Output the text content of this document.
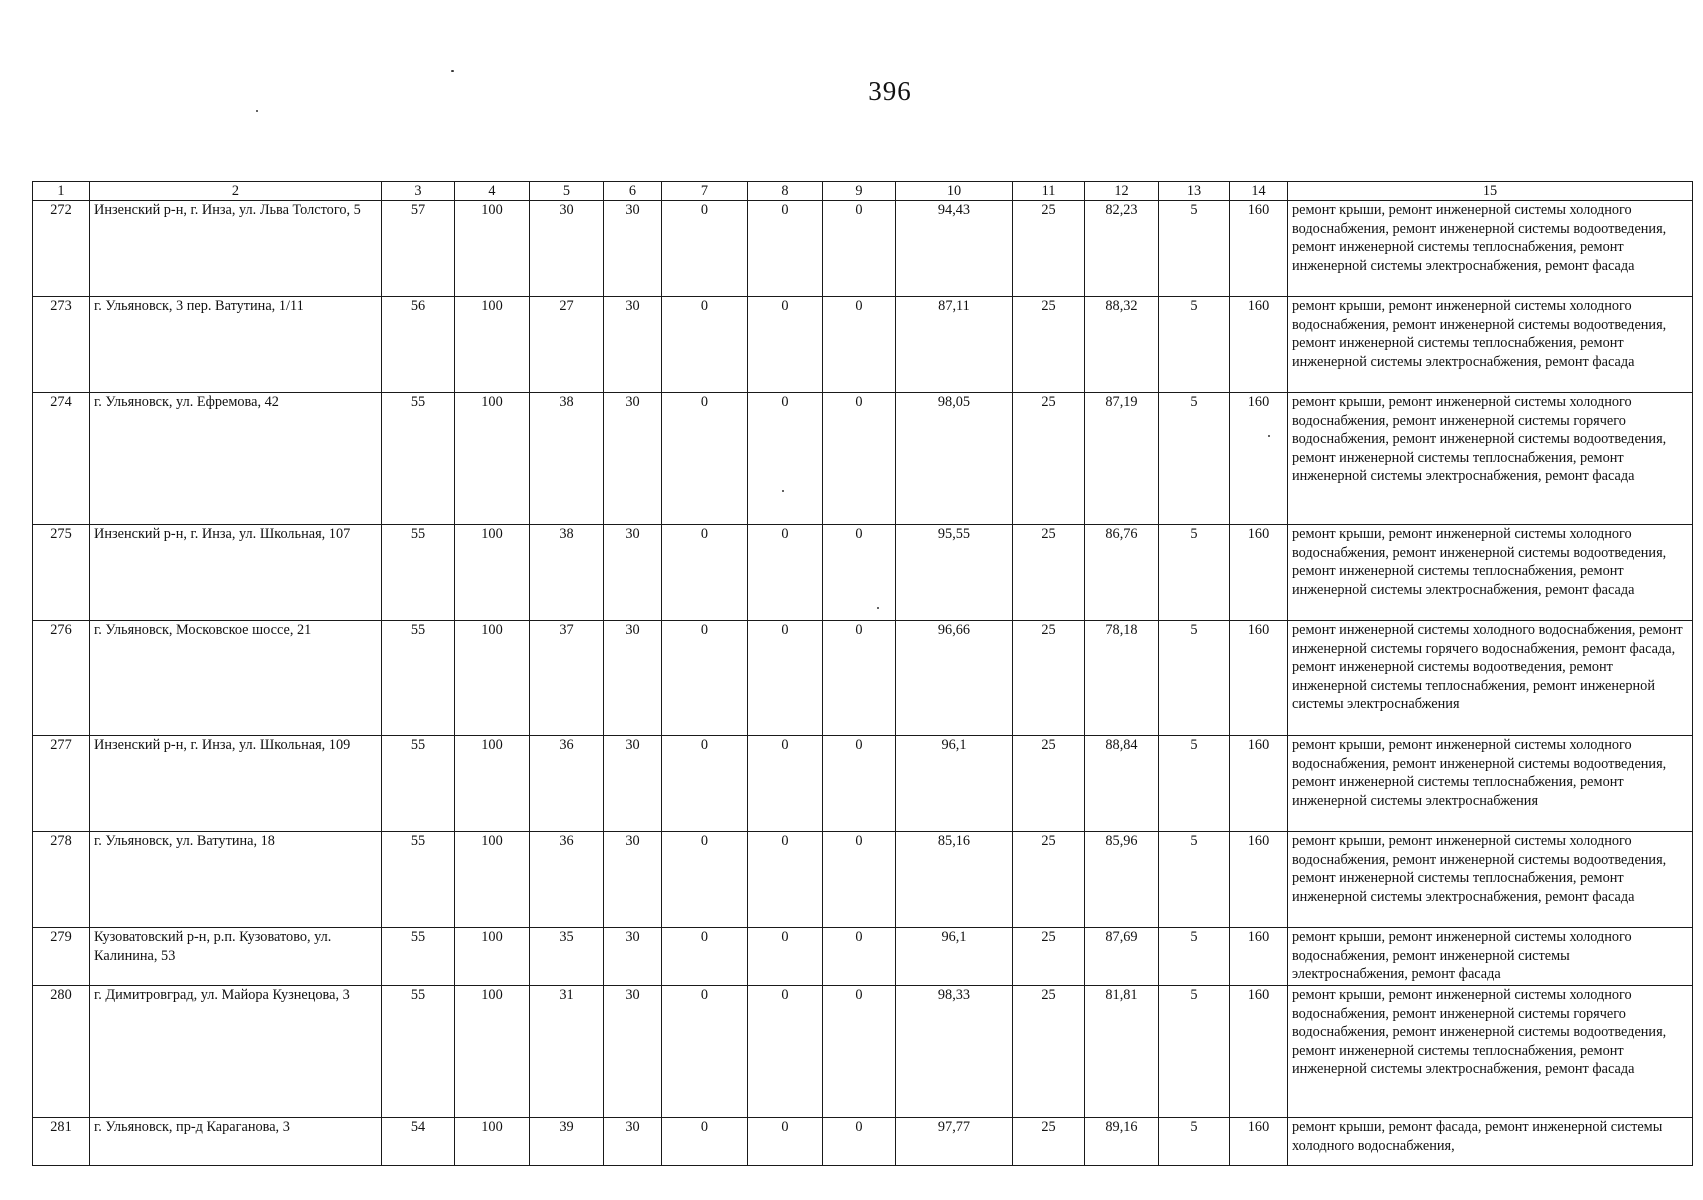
396
1	2	3	4	5	6	7	8	9	10	11	12	13	14	15
272	Инзенский р-н, г. Инза, ул. Льва Толстого, 5	57	100	30	30	0	0	0	94,43	25	82,23	5	160	ремонт крыши, ремонт инженерной системы холодного водоснабжения, ремонт инженерной системы водоотведения, ремонт инженерной системы теплоснабжения, ремонт инженерной системы электроснабжения, ремонт фасада
273	г. Ульяновск, 3 пер. Ватутина, 1/11	56	100	27	30	0	0	0	87,11	25	88,32	5	160	ремонт крыши, ремонт инженерной системы холодного водоснабжения, ремонт инженерной системы водоотведения, ремонт инженерной системы теплоснабжения, ремонт инженерной системы электроснабжения, ремонт фасада
274	г. Ульяновск, ул. Ефремова, 42	55	100	38	30	0	0	0	98,05	25	87,19	5	160	ремонт крыши, ремонт инженерной системы холодного водоснабжения, ремонт инженерной системы горячего водоснабжения, ремонт инженерной системы водоотведения, ремонт инженерной системы теплоснабжения, ремонт инженерной системы электроснабжения, ремонт фасада
275	Инзенский р-н, г. Инза, ул. Школьная, 107	55	100	38	30	0	0	0	95,55	25	86,76	5	160	ремонт крыши, ремонт инженерной системы холодного водоснабжения, ремонт инженерной системы водоотведения, ремонт инженерной системы теплоснабжения, ремонт инженерной системы электроснабжения, ремонт фасада
276	г. Ульяновск, Московское шоссе, 21	55	100	37	30	0	0	0	96,66	25	78,18	5	160	ремонт инженерной системы холодного водоснабжения, ремонт инженерной системы горячего водоснабжения, ремонт фасада, ремонт инженерной системы водоотведения, ремонт инженерной системы теплоснабжения, ремонт инженерной системы электроснабжения
277	Инзенский р-н, г. Инза, ул. Школьная, 109	55	100	36	30	0	0	0	96,1	25	88,84	5	160	ремонт крыши, ремонт инженерной системы холодного водоснабжения, ремонт инженерной системы водоотведения, ремонт инженерной системы теплоснабжения, ремонт инженерной системы электроснабжения
278	г. Ульяновск, ул. Ватутина, 18	55	100	36	30	0	0	0	85,16	25	85,96	5	160	ремонт крыши, ремонт инженерной системы холодного водоснабжения, ремонт инженерной системы водоотведения, ремонт инженерной системы теплоснабжения, ремонт инженерной системы электроснабжения, ремонт фасада
279	Кузоватовский р-н, р.п. Кузоватово, ул. Калинина, 53	55	100	35	30	0	0	0	96,1	25	87,69	5	160	ремонт крыши, ремонт инженерной системы холодного водоснабжения, ремонт инженерной системы электроснабжения, ремонт фасада
280	г. Димитровград, ул. Майора Кузнецова, 3	55	100	31	30	0	0	0	98,33	25	81,81	5	160	ремонт крыши, ремонт инженерной системы холодного водоснабжения, ремонт инженерной системы горячего водоснабжения, ремонт инженерной системы водоотведения, ремонт инженерной системы теплоснабжения, ремонт инженерной системы электроснабжения, ремонт фасада
281	г. Ульяновск, пр-д Караганова, 3	54	100	39	30	0	0	0	97,77	25	89,16	5	160	ремонт крыши, ремонт фасада, ремонт инженерной системы холодного водоснабжения,
